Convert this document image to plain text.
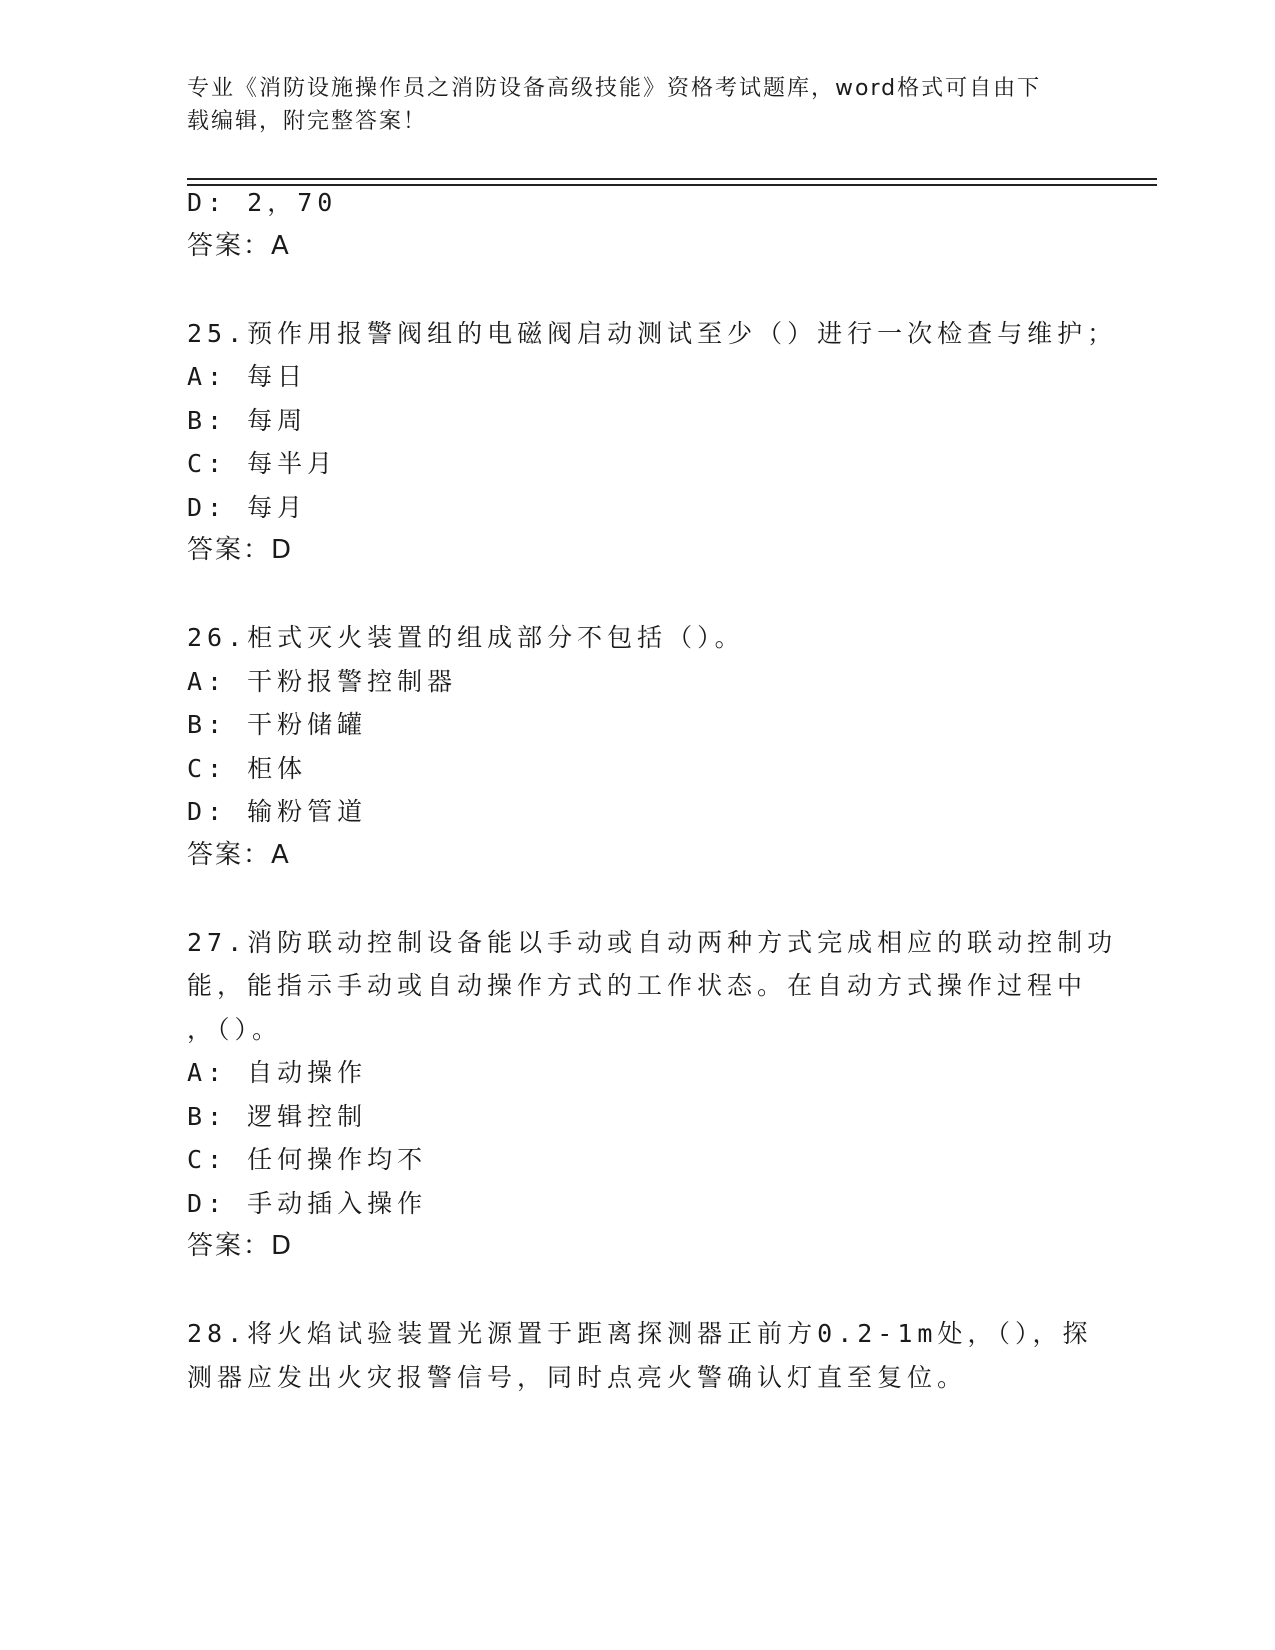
专业《消防设施操作员之消防设备高级技能》资格考试题库，word格式可自由下
载编辑，附完整答案！
D: 2，70
答案：A
25.预作用报警阀组的电磁阀启动测试至少（）进行一次检查与维护；
A: 每日
B: 每周
C: 每半月
D: 每月
答案：D
26.柜式灭火装置的组成部分不包括（）。
A: 干粉报警控制器
B: 干粉储罐
C: 柜体
D: 输粉管道
答案：A
27.消防联动控制设备能以手动或自动两种方式完成相应的联动控制功
能，能指示手动或自动操作方式的工作状态。在自动方式操作过程中
，（）。
A: 自动操作
B: 逻辑控制
C: 任何操作均不
D: 手动插入操作
答案：D
28.将火焰试验装置光源置于距离探测器正前方0.2-1m处，（），探
测器应发出火灾报警信号，同时点亮火警确认灯直至复位。
